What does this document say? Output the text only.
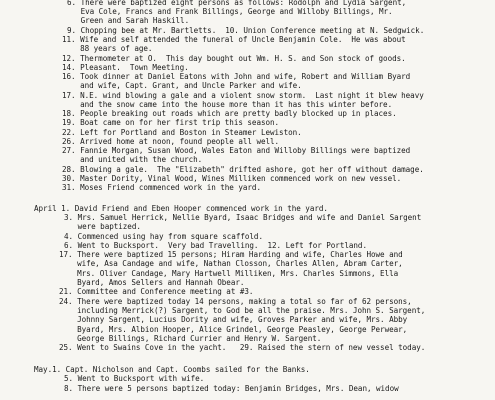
6. There were baptized eight persons as follows: Rodolph and Lydia Sargent,
Eva Cole, Francs and Frank Billings, George and Willoby Billings, Mr.
Green and Sarah Haskill.
9. Chopping bee at Mr. Bartletts.  10. Union Conference meeting at N. Sedgwick.
11. Wife and self attended the funeral of Uncle Benjamin Cole.  He was about
88 years of age.
12. Thermometer at O.  This day bought out Wm. H. S. and Son stock of goods.
14. Pleasant.  Town Meeting.
16. Took dinner at Daniel Eatons with John and wife, Robert and William Byard
and wife, Capt. Grant, and Uncle Parker and wife.
17. N.E. wind blowing a gale and a violent snow storm.  Last night it blew heavy
and the snow came into the house more than it has this winter before.
18. People breaking out roads which are pretty badly blocked up in places.
19. Boat came on for her first trip this season.
22. Left for Portland and Boston in Steamer Lewiston.
26. Arrived home at noon, found people all well.
27. Fannie Morgan, Susan Wood, Wales Eaton and Willoby Billings were baptized
and united with the church.
28. Blowing a gale.  The "Elizabeth" drifted ashore, got her off without damage.
30. Master Dority, Vinal Wood, Wines Milliken commenced work on new vessel.
31. Moses Friend commenced work in the yard.
April 1. David Friend and Eben Hooper commenced work in the yard.
3. Mrs. Samuel Herrick, Nellie Byard, Isaac Bridges and wife and Daniel Sargent
were baptized.
4. Commenced using hay from square scaffold.
6. Went to Bucksport.  Very bad Travelling.  12. Left for Portland.
17. There were baptized 15 persons; Hiram Harding and wife, Charles Howe and
wife, Asa Candage and wife, Nathan Closson, Charles Allen, Abram Carter,
Mrs. Oliver Candage, Mary Hartwell Milliken, Mrs. Charles Simmons, Ella
Byard, Amos Sellers and Hannah Obear.
21. Committee and Conference meeting at #3.
24. There were baptized today 14 persons, making a total so far of 62 persons,
including Merrick(?) Sargent, to God be all the praise. Mrs. John S. Sargent,
Johnny Sargent, Lucius Dority and wife, Groves Parker and wife, Mrs. Abby
Byard, Mrs. Albion Hooper, Alice Grindel, George Peasley, George Perwear,
George Billings, Richard Currier and Henry W. Sargent.
25. Went to Swains Cove in the yacht.   29. Raised the stern of new vessel today.
May.1. Capt. Nicholson and Capt. Coombs sailed for the Banks.
5. Went to Bucksport with wife.
8. There were 5 persons baptized today: Benjamin Bridges, Mrs. Dean, widow
